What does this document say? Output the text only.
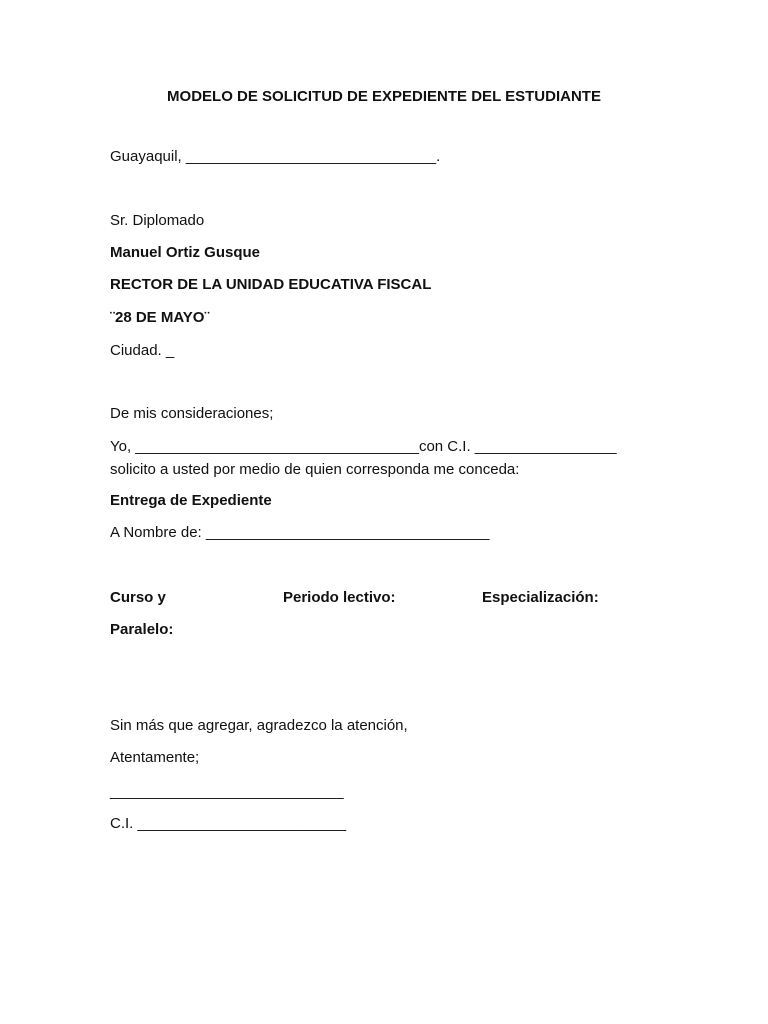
MODELO DE SOLICITUD DE EXPEDIENTE DEL ESTUDIANTE
Guayaquil, ______________________________.
Sr. Diplomado
Manuel Ortiz Gusque
RECTOR DE LA UNIDAD EDUCATIVA FISCAL
¨28 DE MAYO¨
Ciudad. _
De mis consideraciones;
Yo, __________________________________con C.I. _________________
solicito a usted por medio de quien corresponda me conceda:
Entrega de Expediente
A Nombre de: __________________________________
Curso y
Paralelo:
Periodo lectivo:	Especialización:
Sin más que agregar, agradezco la atención,
Atentamente;
____________________________
C.I. _________________________
